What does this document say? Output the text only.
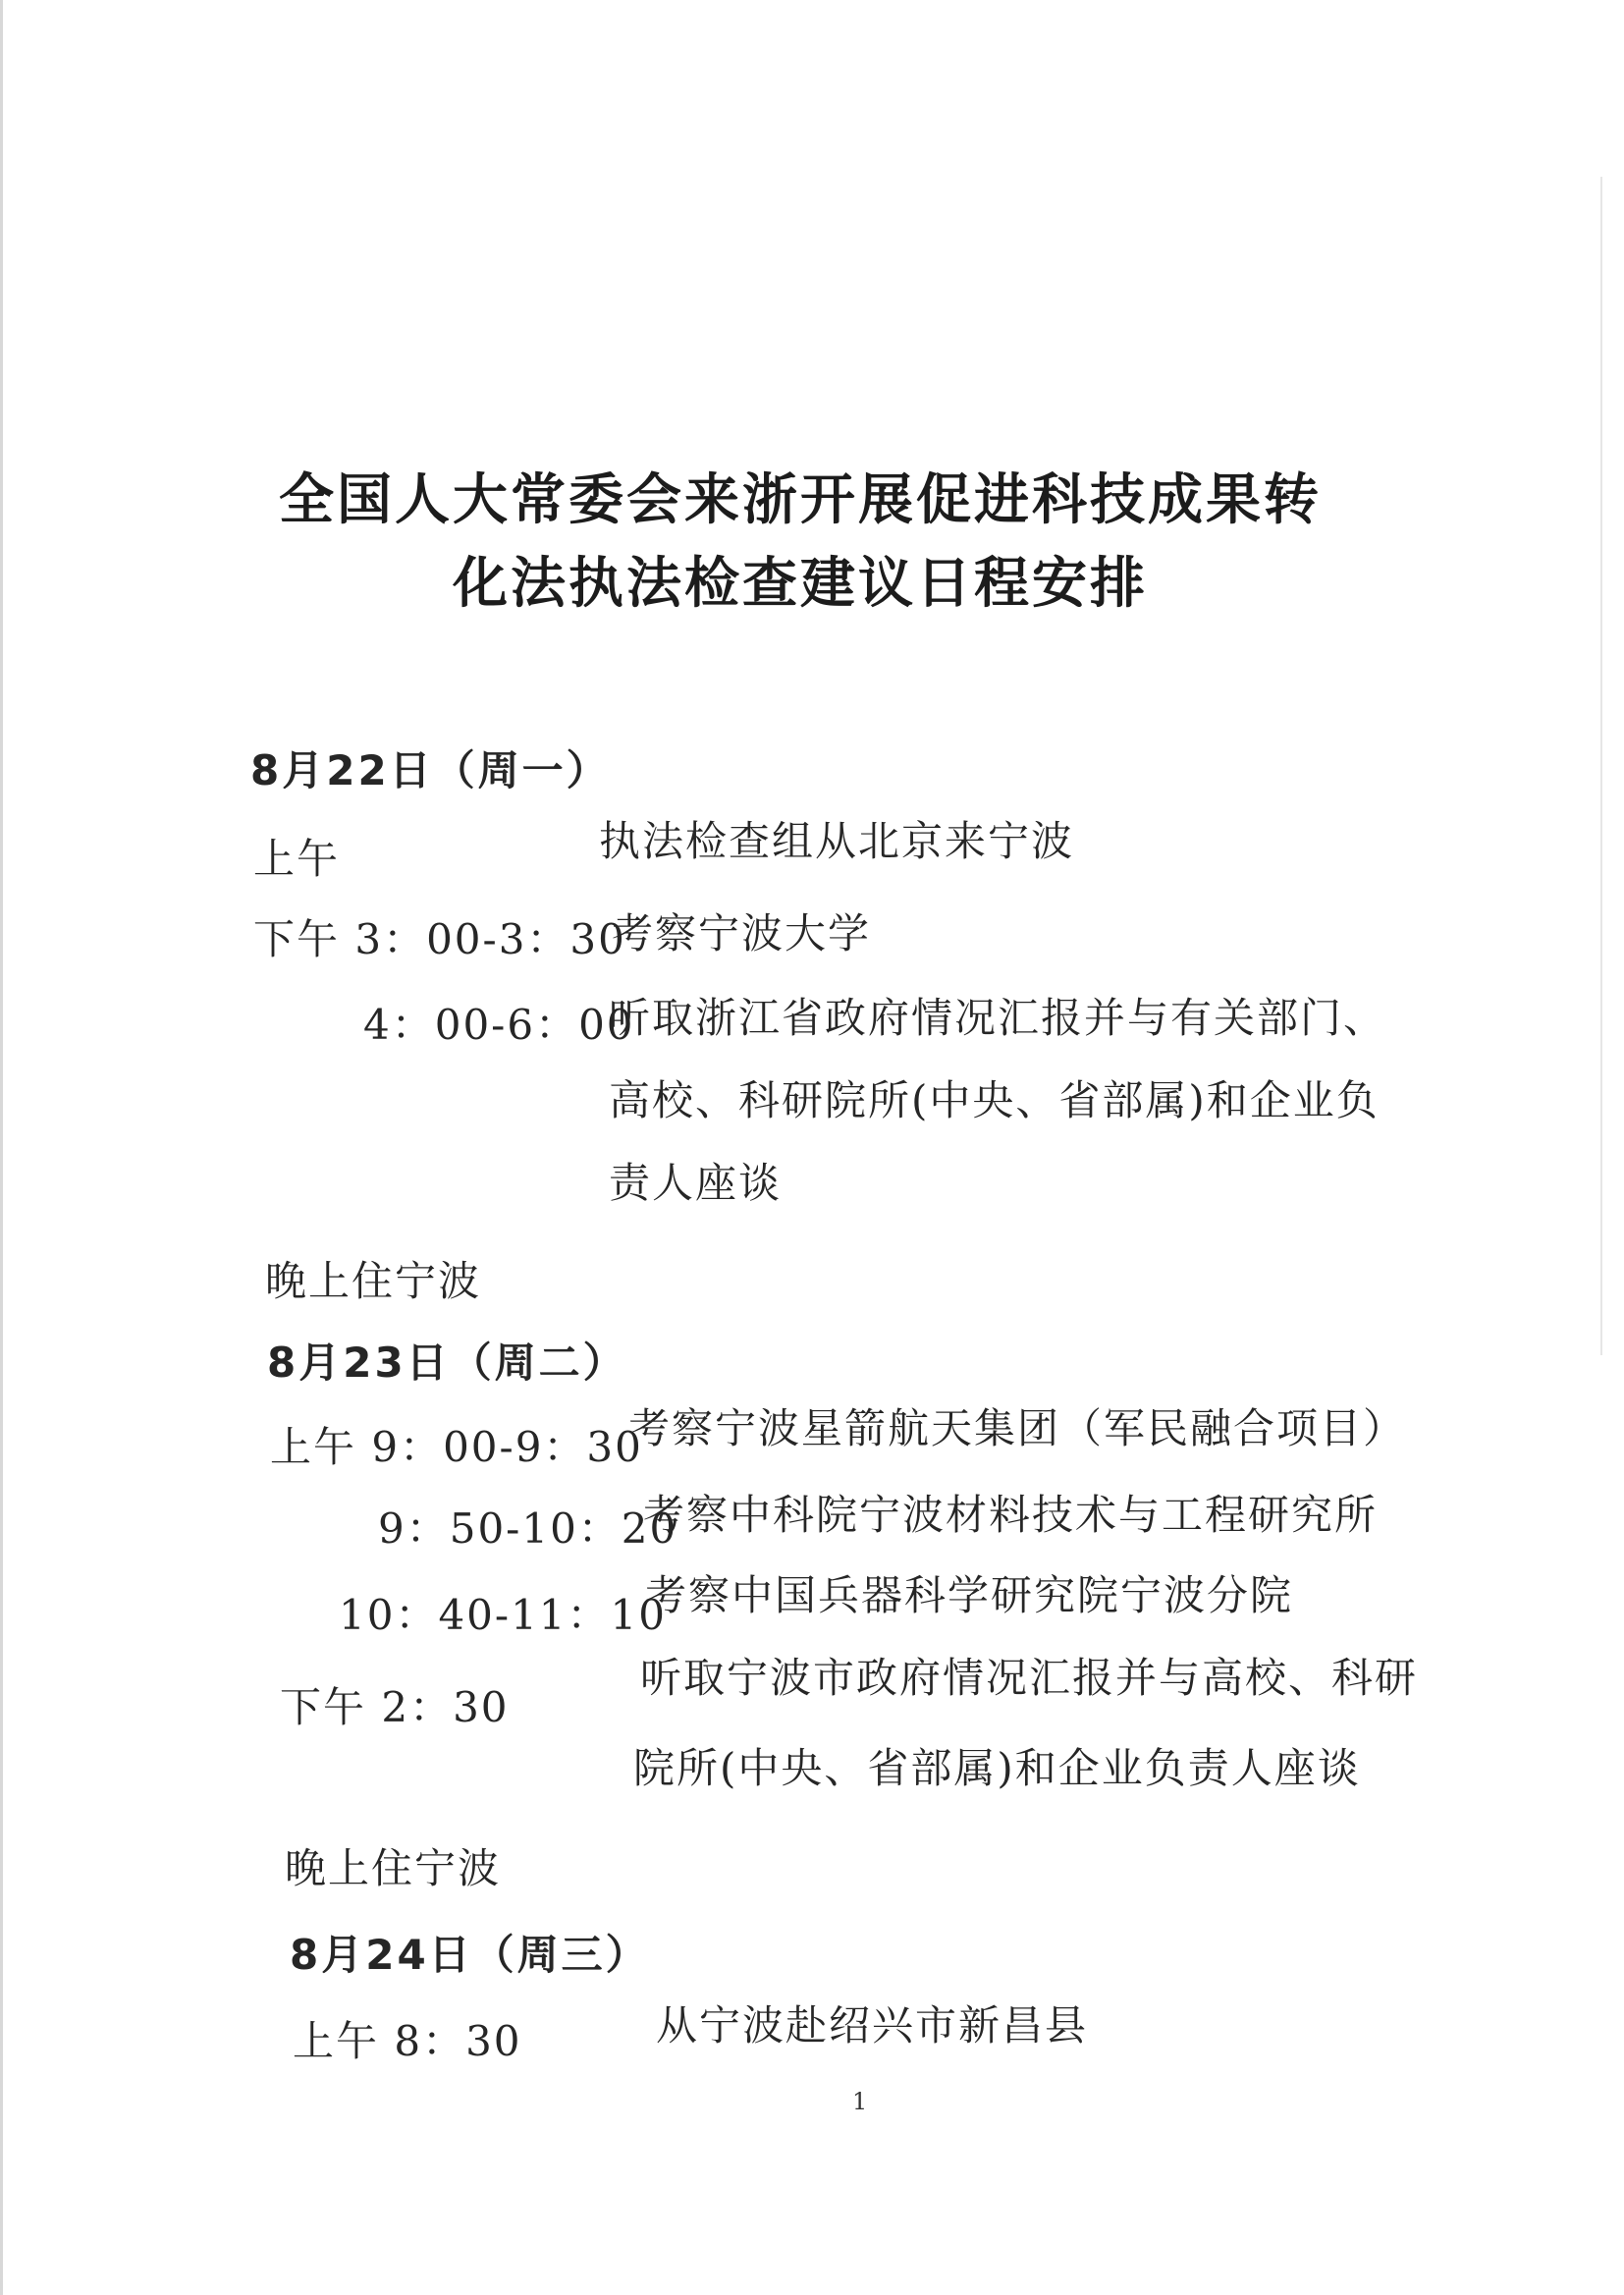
全国人大常委会来浙开展促进科技成果转
化法执法检查建议日程安排
8月22日（周一）
上午	执法检查组从北京来宁波
下午 3：00-3：30
考察宁波大学
4：00-6：00
听取浙江省政府情况汇报并与有关部门、
高校、科研院所(中央、省部属)和企业负
责人座谈
晚上住宁波
8月23日（周二）
上午 9：00-9：30
考察宁波星箭航天集团（军民融合项目）
9：50-10：20
考察中科院宁波材料技术与工程研究所
10：40-11：10
考察中国兵器科学研究院宁波分院
下午 2：30
听取宁波市政府情况汇报并与高校、科研
院所(中央、省部属)和企业负责人座谈
晚上住宁波
8月24日（周三）
上午 8：30	从宁波赴绍兴市新昌县
1
